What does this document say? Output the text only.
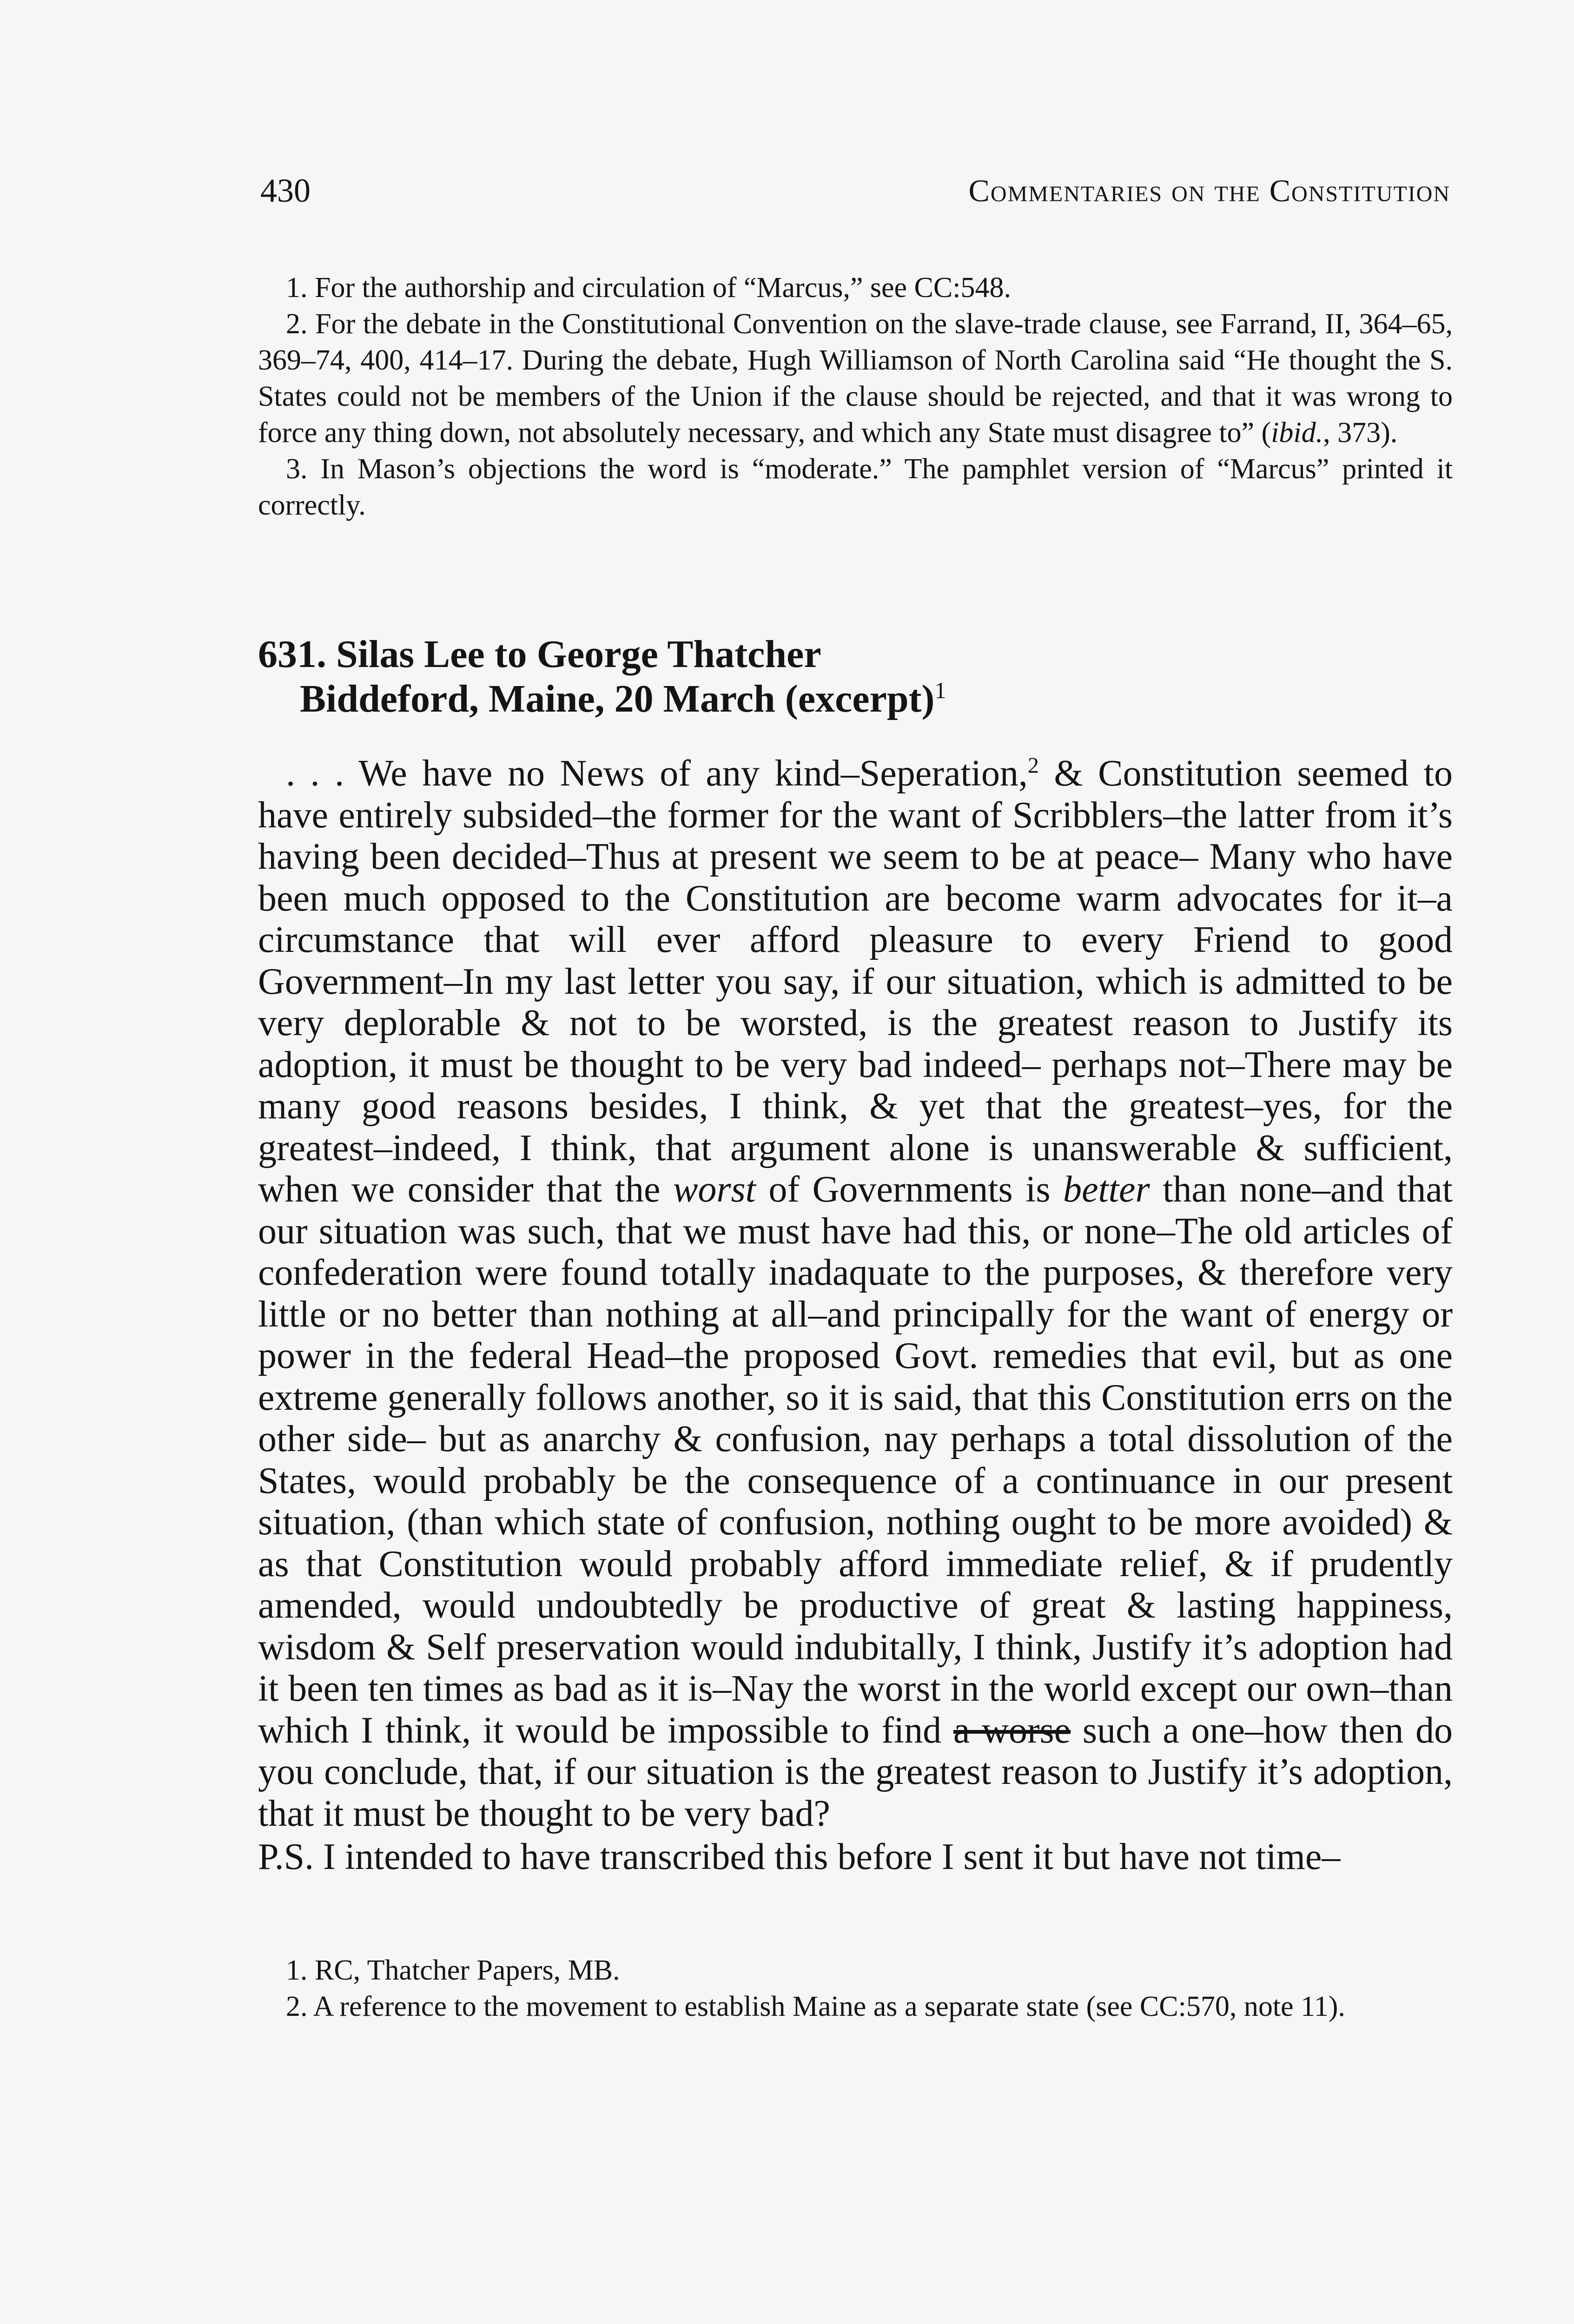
430	Commentaries on the Constitution

1. For the authorship and circulation of “Marcus,” see CC:548.

2. For the debate in the Constitutional Convention on the slave-trade clause, see Farrand, II, 364–65, 369–74, 400, 414–17. During the debate, Hugh Williamson of North Carolina said “He thought the S. States could not be members of the Union if the clause should be rejected, and that it was wrong to force any thing down, not absolutely necessary, and which any State must disagree to” (ibid., 373).

3. In Mason’s objections the word is “moderate.” The pamphlet version of “Marcus” printed it correctly.

631. Silas Lee to George Thatcher
Biddeford, Maine, 20 March (excerpt)$^1$

. . . We have no News of any kind–Seperation,$^2$ & Constitution seemed to have entirely subsided–the former for the want of Scribblers–the latter from it’s having been decided–Thus at present we seem to be at peace– Many who have been much opposed to the Constitution are become warm advocates for it–a circumstance that will ever afford pleasure to every Friend to good Government–In my last letter you say, if our situation, which is admitted to be very deplorable & not to be worsted, is the greatest reason to Justify its adoption, it must be thought to be very bad indeed– perhaps not–There may be many good reasons besides, I think, & yet that the greatest–yes, for the greatest–indeed, I think, that argument alone is unanswerable & sufficient, when we consider that the worst of Governments is better than none–and that our situation was such, that we must have had this, or none–The old articles of confederation were found totally inadaquate to the purposes, & therefore very little or no better than nothing at all–and principally for the want of energy or power in the federal Head–the proposed Govt. remedies that evil, but as one extreme generally follows another, so it is said, that this Constitution errs on the other side– but as anarchy & confusion, nay perhaps a total dissolution of the States, would probably be the consequence of a continuance in our present situation, (than which state of confusion, nothing ought to be more avoided) & as that Constitution would probably afford immediate relief, & if prudently amended, would undoubtedly be productive of great & lasting happiness, wisdom & Self preservation would indubitally, I think, Justify it’s adoption had it been ten times as bad as it is–Nay the worst in the world except our own–than which I think, it would be impossible to find a worse such a one–how then do you conclude, that, if our situation is the greatest reason to Justify it’s adoption, that it must be thought to be very bad?

P.S. I intended to have transcribed this before I sent it but have not time–

1. RC, Thatcher Papers, MB.

2. A reference to the movement to establish Maine as a separate state (see CC:570, note 11).
